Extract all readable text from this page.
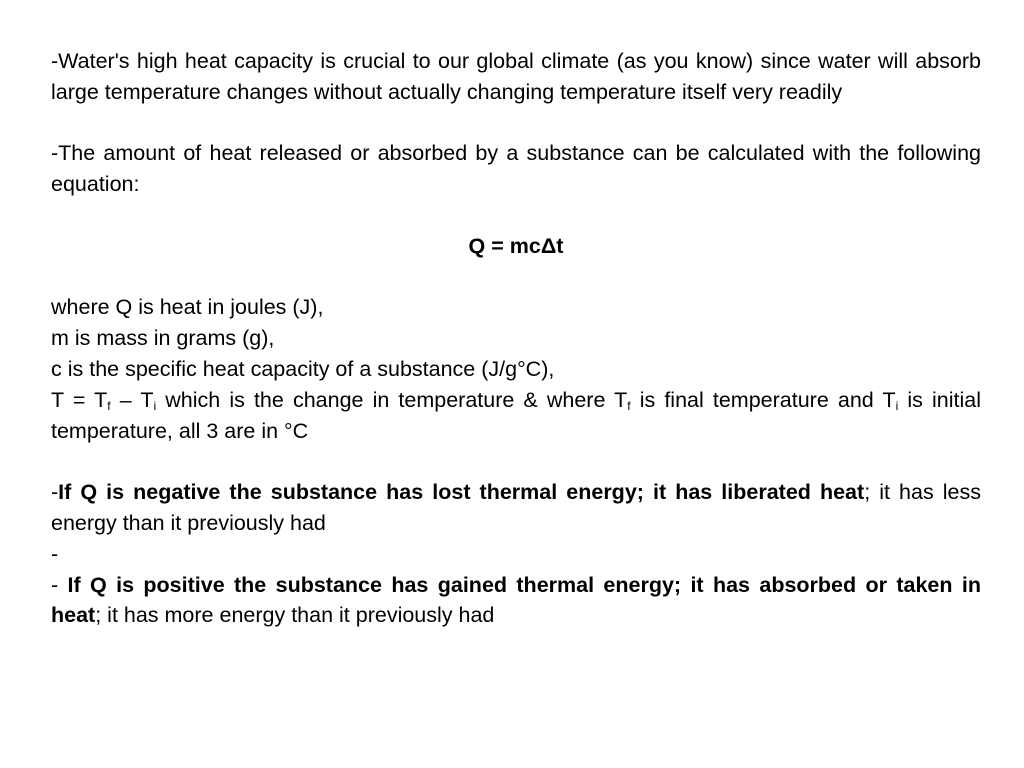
-Water's high heat capacity is crucial to our global climate (as you know) since water will absorb large temperature changes without actually changing temperature itself very readily

-The amount of heat released or absorbed by a substance can be calculated with the following equation:

Q = mcΔt

where Q is heat in joules (J),

m is mass in grams (g),

c is the specific heat capacity of a substance (J/g°C),

$T = T_f - T_i$ which is the change in temperature & where $T_f$ is final temperature and $T_i$ is initial temperature, all 3 are in °C

-If Q is negative the substance has lost thermal energy; it has liberated heat; it has less energy than it previously had

-

- If Q is positive the substance has gained thermal energy; it has absorbed or taken in heat; it has more energy than it previously had
